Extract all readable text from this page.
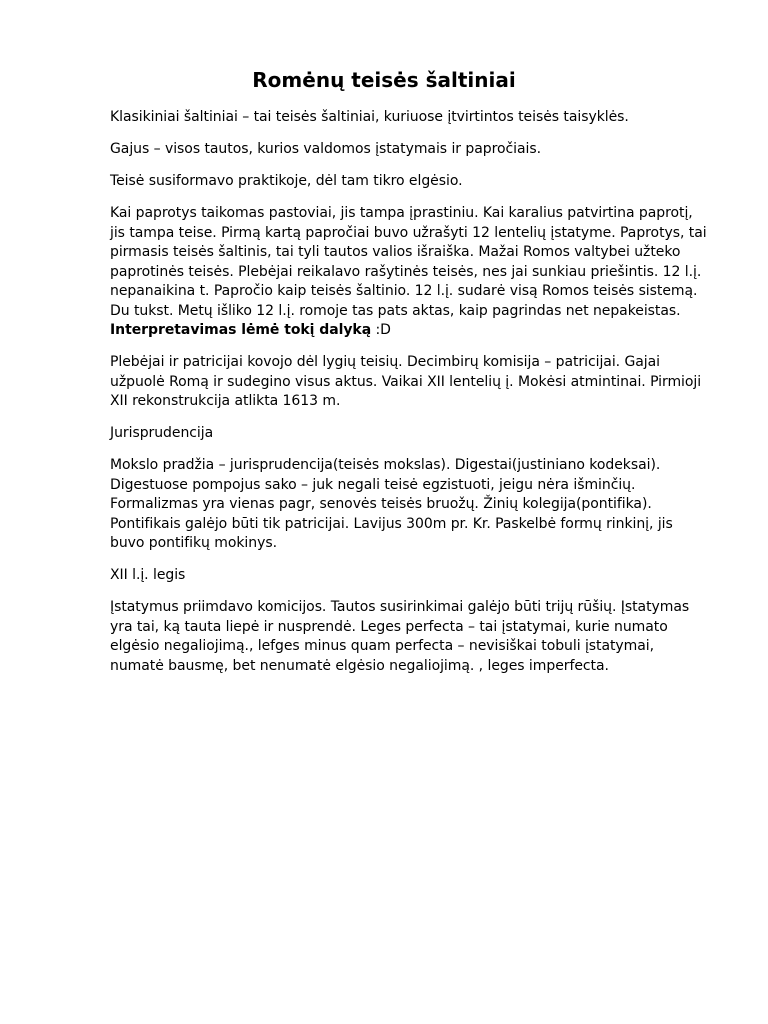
Romėnų teisės šaltiniai

Klasikiniai šaltiniai – tai teisės šaltiniai, kuriuose įtvirtintos teisės taisyklės.

Gajus – visos tautos, kurios valdomos įstatymais ir papročiais.

Teisė susiformavo praktikoje, dėl tam tikro elgėsio.

Kai paprotys taikomas pastoviai, jis tampa įprastiniu. Kai karalius patvirtina paprotį, jis tampa teise. Pirmą kartą papročiai buvo užrašyti 12 lentelių įstatyme. Paprotys, tai pirmasis teisės šaltinis, tai tyli tautos valios išraiška. Mažai Romos valtybei užteko paprotinės teisės. Plebėjai reikalavo rašytinės teisės, nes jai sunkiau priešintis. 12 l.į. nepanaikina t. Papročio kaip teisės šaltinio. 12 l.į. sudarė visą Romos teisės sistemą. Du tukst. Metų išliko 12 l.į. romoje tas pats aktas, kaip pagrindas net nepakeistas. Interpretavimas lėmė tokį dalyką :D

Plebėjai ir patricijai kovojo dėl lygių teisių. Decimbirų komisija – patricijai. Gajai užpuolė Romą ir sudegino visus aktus. Vaikai XII lentelių į. Mokėsi atmintinai. Pirmioji XII rekonstrukcija atlikta 1613 m.

Jurisprudencija

Mokslo pradžia – jurisprudencija(teisės mokslas). Digestai(justiniano kodeksai). Digestuose pompojus sako – juk negali teisė egzistuoti, jeigu nėra išminčių. Formalizmas yra vienas pagr, senovės teisės bruožų. Žinių kolegija(pontifika). Pontifikais galėjo būti tik patricijai. Lavijus 300m pr. Kr. Paskelbė formų rinkinį, jis buvo pontifikų mokinys.

XII l.į. legis

Įstatymus priimdavo komicijos. Tautos susirinkimai galėjo būti trijų rūšių. Įstatymas yra tai, ką tauta liepė ir nusprendė. Leges perfecta – tai įstatymai, kurie numato elgėsio negaliojimą., lefges minus quam perfecta – nevisiškai tobuli įstatymai, numatė bausmę, bet nenumatė elgėsio negaliojimą. , leges imperfecta.
